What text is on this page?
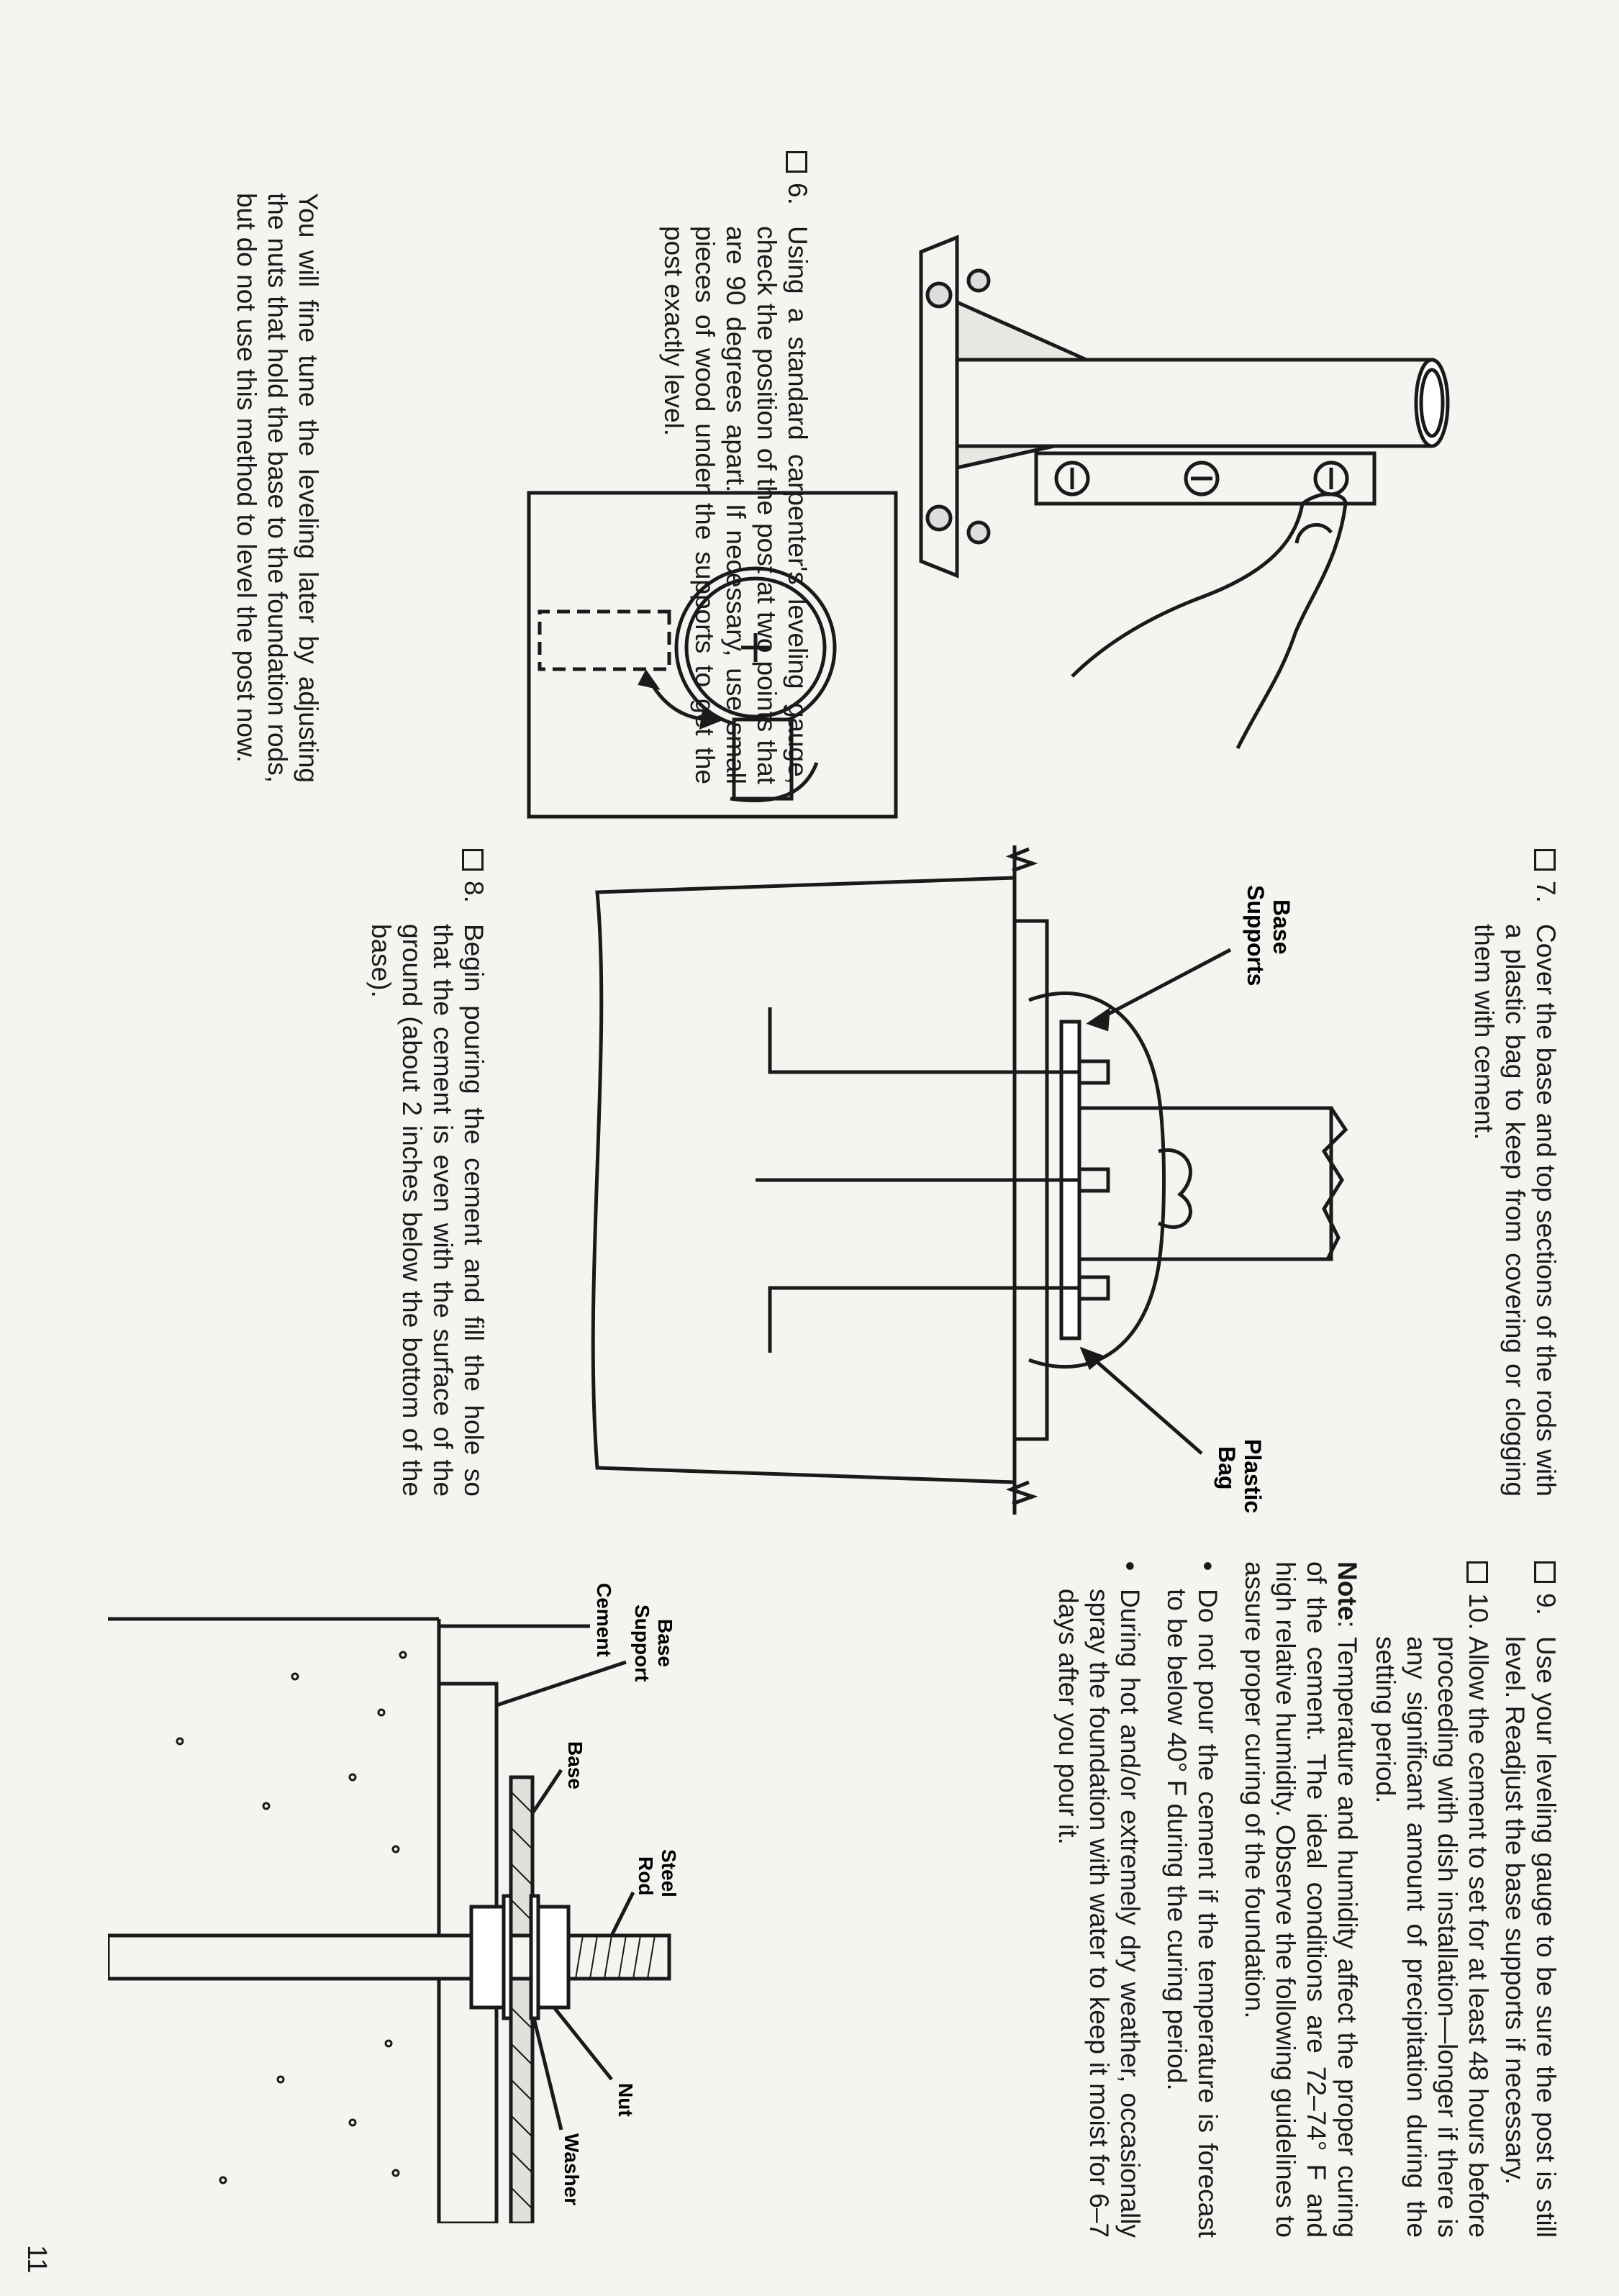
6.
Using a standard carpenter's leveling gauge, check the position of the post at two points that are 90 degrees apart. If necessary, use small pieces of wood under the supports to get the post exactly level.

You will fine tune the leveling later by adjusting the nuts that hold the base to the foundation rods, but do not use this method to level the post now.

7.
Cover the base and top sections of the rods with a plastic bag to keep from covering or clogging them with cement.
Base
Supports
Plastic
Bag
8.
Begin pouring the cement and fill the hole so that the cement is even with the surface of the ground (about 2 inches below the bottom of the base).
9.
Use your leveling gauge to be sure the post is still level. Readjust the base supports if necessary.
10.
Allow the cement to set for at least 48 hours before proceeding with dish installation—longer if there is any significant amount of precipitation during the setting period.

Note: Temperature and humidity affect the proper curing of the cement. The ideal conditions are 72–74° F and high relative humidity. Observe the following guidelines to assure proper curing of the foundation.

•
Do not pour the cement if the temperature is forecast to be below 40° F during the curing period.
•
During hot and/or extremely dry weather, occasionally spray the foundation with water to keep it moist for 6–7 days after you pour it.
Steel
Rod
Base
Nut
Washer
Base
Support
Cement
11
